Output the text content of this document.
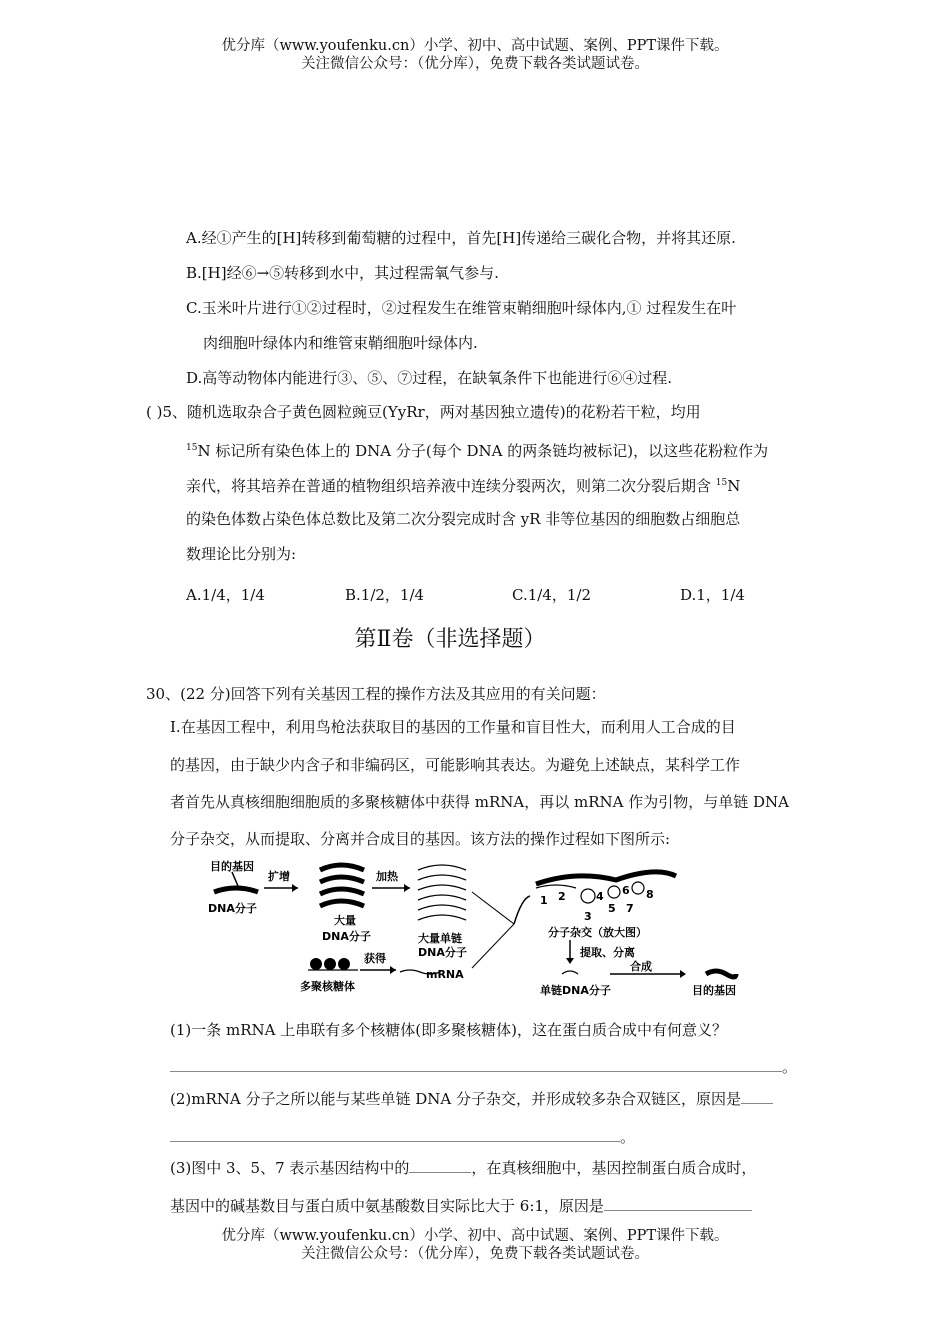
优分库（www.youfenku.cn）小学、初中、高中试题、案例、PPT课件下载。
关注微信公众号：（优分库），免费下载各类试题试卷。
A.经①产生的[H]转移到葡萄糖的过程中，首先[H]传递给三碳化合物，并将其还原.
B.[H]经⑥→⑤转移到水中，其过程需氧气参与.
C.玉米叶片进行①②过程时，②过程发生在维管束鞘细胞叶绿体内,① 过程发生在叶
肉细胞叶绿体内和维管束鞘细胞叶绿体内.
D.高等动物体内能进行③、⑤、⑦过程，在缺氧条件下也能进行⑥④过程.
( )5、随机选取杂合子黄色圆粒豌豆(YyRr，两对基因独立遗传)的花粉若干粒，均用
$^{15}$N 标记所有染色体上的 DNA 分子(每个 DNA 的两条链均被标记)，以这些花粉粒作为
亲代，将其培养在普通的植物组织培养液中连续分裂两次，则第二次分裂后期含 $^{15}$N
的染色体数占染色体总数比及第二次分裂完成时含 yR 非等位基因的细胞数占细胞总
数理论比分别为:
A.1/4，1/4	B.1/2，1/4	C.1/4，1/2	D.1，1/4
第Ⅱ卷（非选择题）
30、(22 分)回答下列有关基因工程的操作方法及其应用的有关问题：
I.在基因工程中，利用鸟枪法获取目的基因的工作量和盲目性大，而利用人工合成的目
的基因，由于缺少内含子和非编码区，可能影响其表达。为避免上述缺点，某科学工作
者首先从真核细胞细胞质的多聚核糖体中获得 mRNA，再以 mRNA 作为引物，与单链 DNA
分子杂交，从而提取、分离并合成目的基因。该方法的操作过程如下图所示:
目的基因
DNA分子
扩增
大量
DNA分子
加热
大量单链
DNA分子
多聚核糖体
获得
mRNA
1 2
3
4
5
6
7
8
分子杂交（放大图）
提取、分离
单链DNA分子
合成
目的基因
(1)一条 mRNA 上串联有多个核糖体(即多聚核糖体)，这在蛋白质合成中有何意义？
。
(2)mRNA 分子之所以能与某些单链 DNA 分子杂交，并形成较多杂合双链区，原因是
。
(3)图中 3、5、7 表示基因结构中的	，在真核细胞中，基因控制蛋白质合成时，
基因中的碱基数目与蛋白质中氨基酸数目实际比大于 6:1，原因是
优分库（www.youfenku.cn）小学、初中、高中试题、案例、PPT课件下载。
关注微信公众号：（优分库），免费下载各类试题试卷。
